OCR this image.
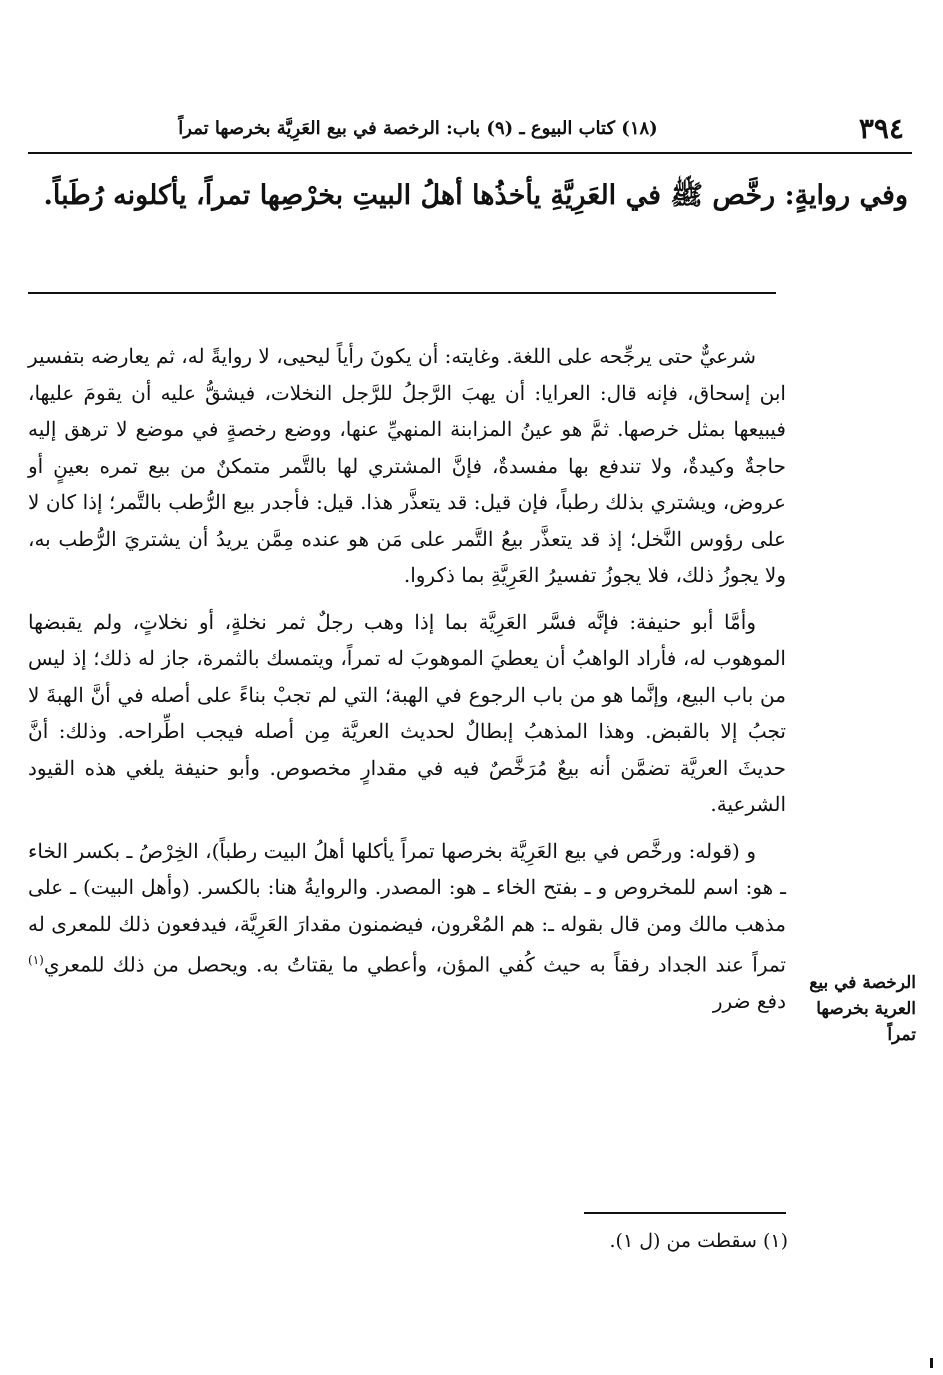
٣٩٤
(١٨) كتاب البيوع ـ (٩) باب: الرخصة في بيع العَرِيَّة بخرصها تمراً
وفي روايةٍ: رخَّص ﷺ في العَرِيَّةِ يأخذُها أهلُ البيتِ بخرْصِها تمراً، يأكلونه رُطَباً.

شرعيٌّ حتى يرجِّحه على اللغة. وغايته: أن يكونَ رأياً ليحيى، لا روايةً له، ثم يعارضه بتفسير ابن إسحاق، فإنه قال: العرايا: أن يهبَ الرَّجلُ للرَّجل النخلات، فيشقُّ عليه أن يقومَ عليها، فيبيعها بمثل خرصها. ثمَّ هو عينُ المزابنة المنهيِّ عنها، ووضع رخصةٍ في موضع لا ترهق إليه حاجةٌ وكيدةٌ، ولا تندفع بها مفسدةٌ، فإنَّ المشتري لها بالتَّمر متمكنٌ من بيع تمره بعينٍ أو عروض، ويشتري بذلك رطباً، فإن قيل: قد يتعذَّر هذا. قيل: فأجدر بيع الرُّطب بالتَّمر؛ إذا كان لا على رؤوس النَّخل؛ إذ قد يتعذَّر بيعُ التَّمر على مَن هو عنده مِمَّن يريدُ أن يشتريَ الرُّطب به، ولا يجوزُ ذلك، فلا يجوزُ تفسيرُ العَرِيَّةِ بما ذكروا.

وأمَّا أبو حنيفة: فإنَّه فسَّر العَرِيَّة بما إذا وهب رجلٌ ثمر نخلةٍ، أو نخلاتٍ، ولم يقبضها الموهوب له، فأراد الواهبُ أن يعطيَ الموهوبَ له تمراً، ويتمسك بالثمرة، جاز له ذلك؛ إذ ليس من باب البيع، وإنَّما هو من باب الرجوع في الهبة؛ التي لم تجبْ بناءً على أصله في أنَّ الهبةَ لا تجبُ إلا بالقبض. وهذا المذهبُ إبطالٌ لحديث العريَّة مِن أصله فيجب اطِّراحه. وذلك: أنَّ حديثَ العريَّة تضمَّن أنه بيعٌ مُرَخَّصٌ فيه في مقدارٍ مخصوص. وأبو حنيفة يلغي هذه القيود الشرعية.

و (قوله: ورخَّص في بيع العَرِيَّة بخرصها تمراً يأكلها أهلُ البيت رطباً)، الخِرْصُ ـ بكسر الخاء ـ هو: اسم للمخروص و ـ بفتح الخاء ـ هو: المصدر. والروايةُ هنا: بالكسر. (وأهل البيت) ـ على مذهب مالك ومن قال بقوله ـ: هم المُعْرون، فيضمنون مقدارَ العَرِيَّة، فيدفعون ذلك للمعرى له تمراً عند الجداد رفقاً به حيث كُفي المؤن، وأعطي ما يقتاتُ به. ويحصل من ذلك للمعري$^{(١)}$ دفع ضرر

الرخصة في بيع العرية بخرصها تمراً
(١) سقطت من (ل ١).
